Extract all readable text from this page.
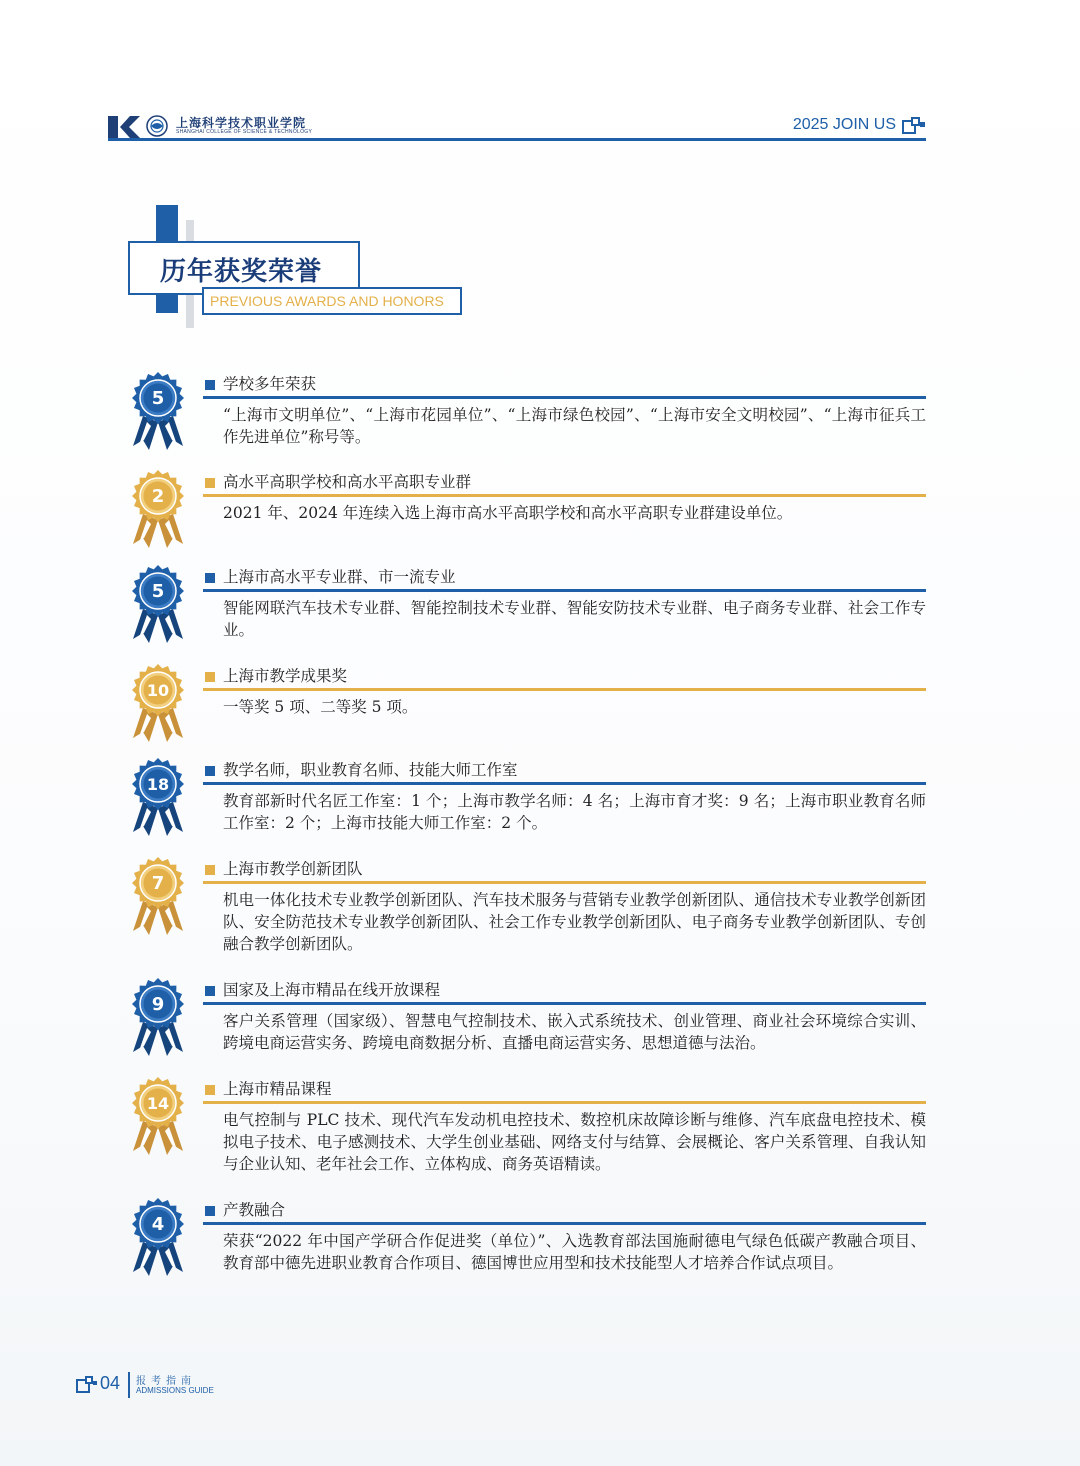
上海科学技术职业学院
SHANGHAI COLLEGE OF SCIENCE & TECHNOLOGY	2025 JOIN US
历年获奖荣誉
PREVIOUS AWARDS AND HONORS
5
学校多年荣获
“上海市文明单位”、“上海市花园单位”、“上海市绿色校园”、“上海市安全文明校园”、“上海市征兵工作先进单位”称号等。
2
高水平高职学校和高水平高职专业群
2021 年、2024 年连续入选上海市高水平高职学校和高水平高职专业群建设单位。
5
上海市高水平专业群、市一流专业
智能网联汽车技术专业群、智能控制技术专业群、智能安防技术专业群、电子商务专业群、社会工作专业。
10
上海市教学成果奖
一等奖 5 项、二等奖 5 项。
18
教学名师，职业教育名师、技能大师工作室
教育部新时代名匠工作室：1 个；上海市教学名师：4 名；上海市育才奖：9 名；上海市职业教育名师工作室：2 个；上海市技能大师工作室：2 个。
7
上海市教学创新团队
机电一体化技术专业教学创新团队、汽车技术服务与营销专业教学创新团队、通信技术专业教学创新团队、安全防范技术专业教学创新团队、社会工作专业教学创新团队、电子商务专业教学创新团队、专创融合教学创新团队。
9
国家及上海市精品在线开放课程
客户关系管理（国家级）、智慧电气控制技术、嵌入式系统技术、创业管理、商业社会环境综合实训、跨境电商运营实务、跨境电商数据分析、直播电商运营实务、思想道德与法治。
14
上海市精品课程
电气控制与 PLC 技术、现代汽车发动机电控技术、数控机床故障诊断与维修、汽车底盘电控技术、模拟电子技术、电子感测技术、大学生创业基础、网络支付与结算、会展概论、客户关系管理、自我认知与企业认知、老年社会工作、立体构成、商务英语精读。
4
产教融合
荣获“2022 年中国产学研合作促进奖（单位）”、入选教育部法国施耐德电气绿色低碳产教融合项目、教育部中德先进职业教育合作项目、德国博世应用型和技术技能型人才培养合作试点项目。
04 报考指南
ADMISSIONS GUIDE
